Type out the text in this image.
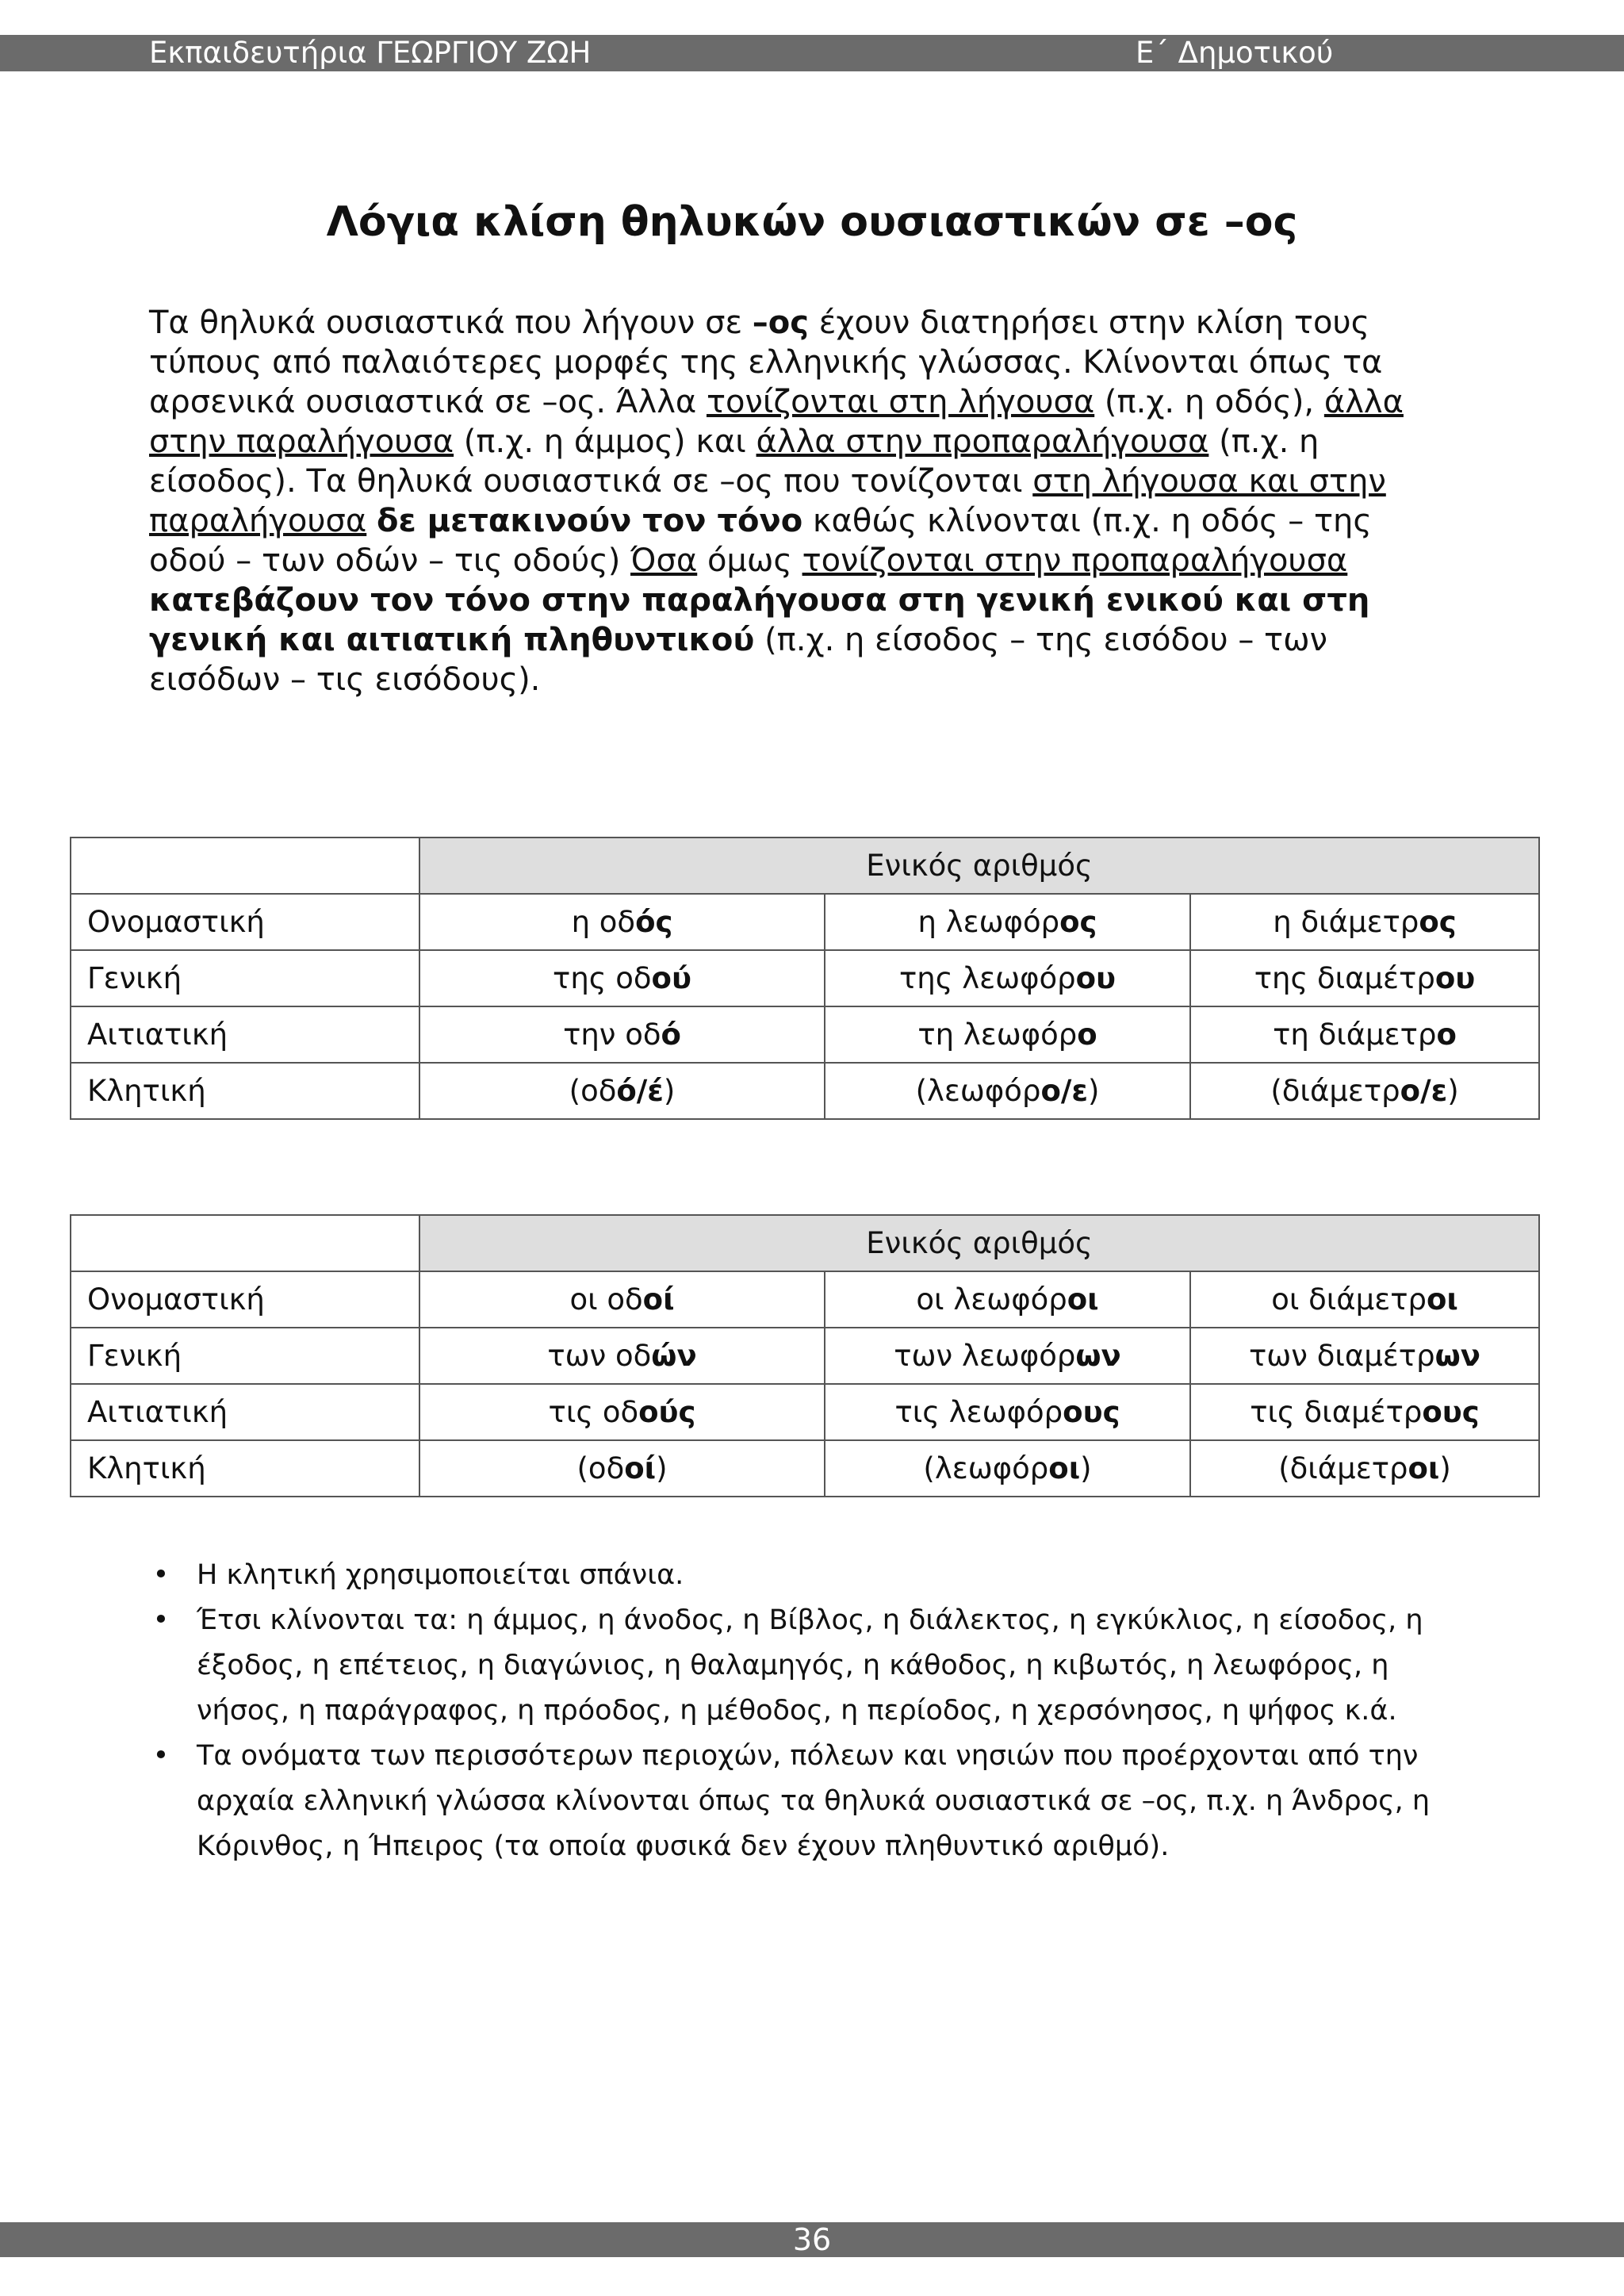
Εκπαιδευτήρια ΓΕΩΡΓΙΟΥ ΖΩΗ	Ε΄ Δημοτικού
Λόγια κλίση θηλυκών ουσιαστικών σε –ος

Τα θηλυκά ουσιαστικά που λήγουν σε –ος έχουν διατηρήσει στην κλίση τους τύπους από παλαιότερες μορφές της ελληνικής γλώσσας. Κλίνονται όπως τα αρσενικά ουσιαστικά σε –ος. Άλλα τονίζονται στη λήγουσα (π.χ. η οδός), άλλα στην παραλήγουσα (π.χ. η άμμος) και άλλα στην προπαραλήγουσα (π.χ. η είσοδος). Τα θηλυκά ουσιαστικά σε –ος που τονίζονται στη λήγουσα και στην παραλήγουσα δε μετακινούν τον τόνο καθώς κλίνονται (π.χ. η οδός – της οδού – των οδών – τις οδούς) Όσα όμως τονίζονται στην προπαραλήγουσα κατεβάζουν τον τόνο στην παραλήγουσα στη γενική ενικού και στη γενική και αιτιατική πληθυντικού (π.χ. η είσοδος – της εισόδου – των εισόδων – τις εισόδους).

	Ενικός αριθμός		
Ονομαστική	η οδός	η λεωφόρος	η διάμετρος
Γενική	της οδού	της λεωφόρου	της διαμέτρου
Αιτιατική	την οδό	τη λεωφόρο	τη διάμετρο
Κλητική	(οδό/έ)	(λεωφόρο/ε)	(διάμετρο/ε)
	Ενικός αριθμός		
Ονομαστική	οι οδοί	οι λεωφόροι	οι διάμετροι
Γενική	των οδών	των λεωφόρων	των διαμέτρων
Αιτιατική	τις οδούς	τις λεωφόρους	τις διαμέτρους
Κλητική	(οδοί)	(λεωφόροι)	(διάμετροι)
• Η κλητική χρησιμοποιείται σπάνια.
• Έτσι κλίνονται τα: η άμμος, η άνοδος, η Βίβλος, η διάλεκτος, η εγκύκλιος, η είσοδος, η έξοδος, η επέτειος, η διαγώνιος, η θαλαμηγός, η κάθοδος, η κιβωτός, η λεωφόρος, η νήσος, η παράγραφος, η πρόοδος, η μέθοδος, η περίοδος, η χερσόνησος, η ψήφος κ.ά.
• Τα ονόματα των περισσότερων περιοχών, πόλεων και νησιών που προέρχονται από την αρχαία ελληνική γλώσσα κλίνονται όπως τα θηλυκά ουσιαστικά σε –ος, π.χ. η Άνδρος, η Κόρινθος, η Ήπειρος (τα οποία φυσικά δεν έχουν πληθυντικό αριθμό).
36
